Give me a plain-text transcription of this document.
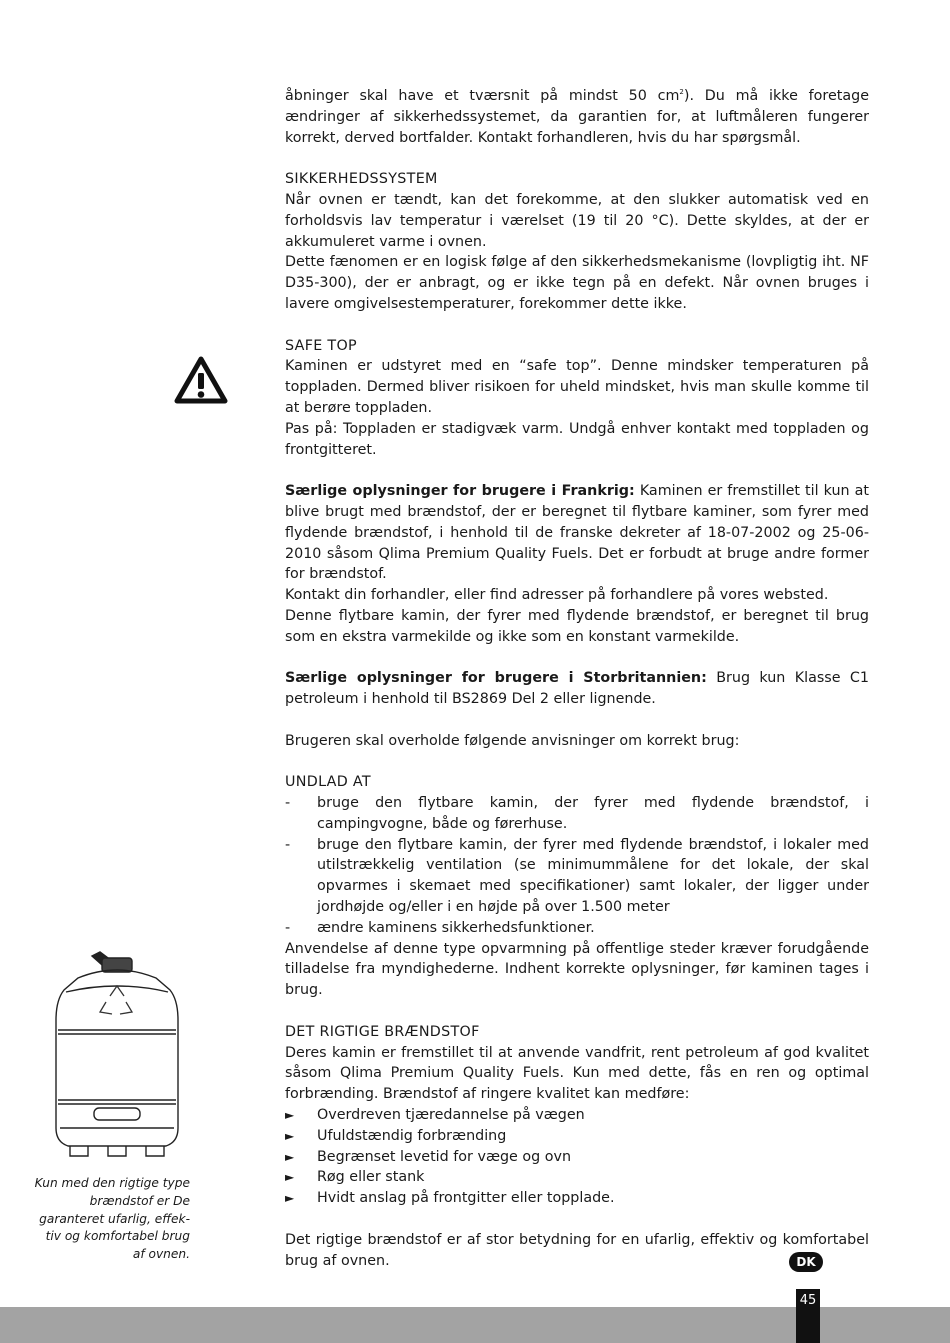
åbninger skal have et tværsnit på mindst 50 $cm^2$). Du må ikke foretage ændringer af sikkerhedssystemet, da garantien for, at luftmåleren fungerer korrekt, derved bortfalder. Kontakt forhandleren, hvis du har spørgsmål.

SIKKERHEDSSYSTEM

Når ovnen er tændt, kan det forekomme, at den slukker automatisk ved en forholdsvis lav temperatur i værelset (19 til 20 °C). Dette skyldes, at der er akkumuleret varme i ovnen.

Dette fænomen er en logisk følge af den sikkerhedsmekanisme (lovpligtig iht. NF D35-300), der er anbragt, og er ikke tegn på en defekt. Når ovnen bruges i lavere omgivelsestemperaturer, forekommer dette ikke.

SAFE TOP

Kaminen er udstyret med en “safe top”. Denne mindsker temperaturen på toppladen. Dermed bliver risikoen for uheld mindsket, hvis man skulle komme til at berøre toppladen.

Pas på: Toppladen er stadigvæk varm. Undgå enhver kontakt med toppladen og frontgitteret.

Særlige oplysninger for brugere i Frankrig: Kaminen er fremstillet til kun at blive brugt med brændstof, der er beregnet til flytbare kaminer, som fyrer med flydende brændstof, i henhold til de franske dekreter af 18-07-2002 og 25-06-2010 såsom Qlima Premium Quality Fuels. Det er forbudt at bruge andre former for brændstof.

Kontakt din forhandler, eller find adresser på forhandlere på vores websted.

Denne flytbare kamin, der fyrer med flydende brændstof, er beregnet til brug som en ekstra varmekilde og ikke som en konstant varmekilde.

Særlige oplysninger for brugere i Storbritannien: Brug kun Klasse C1 petroleum i henhold til BS2869 Del 2 eller lignende.

Brugeren skal overholde følgende anvisninger om korrekt brug:

UNDLAD AT
- bruge den flytbare kamin, der fyrer med flydende brændstof, i campingvogne, både og førerhuse.
- bruge den flytbare kamin, der fyrer med flydende brændstof, i lokaler med utilstrækkelig ventilation (se minimummålene for det lokale, der skal opvarmes i skemaet med specifikationer) samt lokaler, der ligger under jordhøjde og/eller i en højde på over 1.500 meter
- ændre kaminens sikkerhedsfunktioner.

Anvendelse af denne type opvarmning på offentlige steder kræver forudgående tilladelse fra myndighederne. Indhent korrekte oplysninger, før kaminen tages i brug.

DET RIGTIGE BRÆNDSTOF

Deres kamin er fremstillet til at anvende vandfrit, rent petroleum af god kvalitet såsom Qlima Premium Quality Fuels. Kun med dette, fås en ren og optimal forbrænding. Brændstof af ringere kvalitet kan medføre:

► Overdreven tjæredannelse på vægen
► Ufuldstændig forbrænding
► Begrænset levetid for væge og ovn
► Røg eller stank
► Hvidt anslag på frontgitter eller topplade.

Det rigtige brændstof er af stor betydning for en ufarlig, effektiv og komfortabel brug af ovnen.

Kun med den rigtige type brændstof er De garanteret ufarlig, effek- tiv og komfortabel brug af ovnen.
DK
45
